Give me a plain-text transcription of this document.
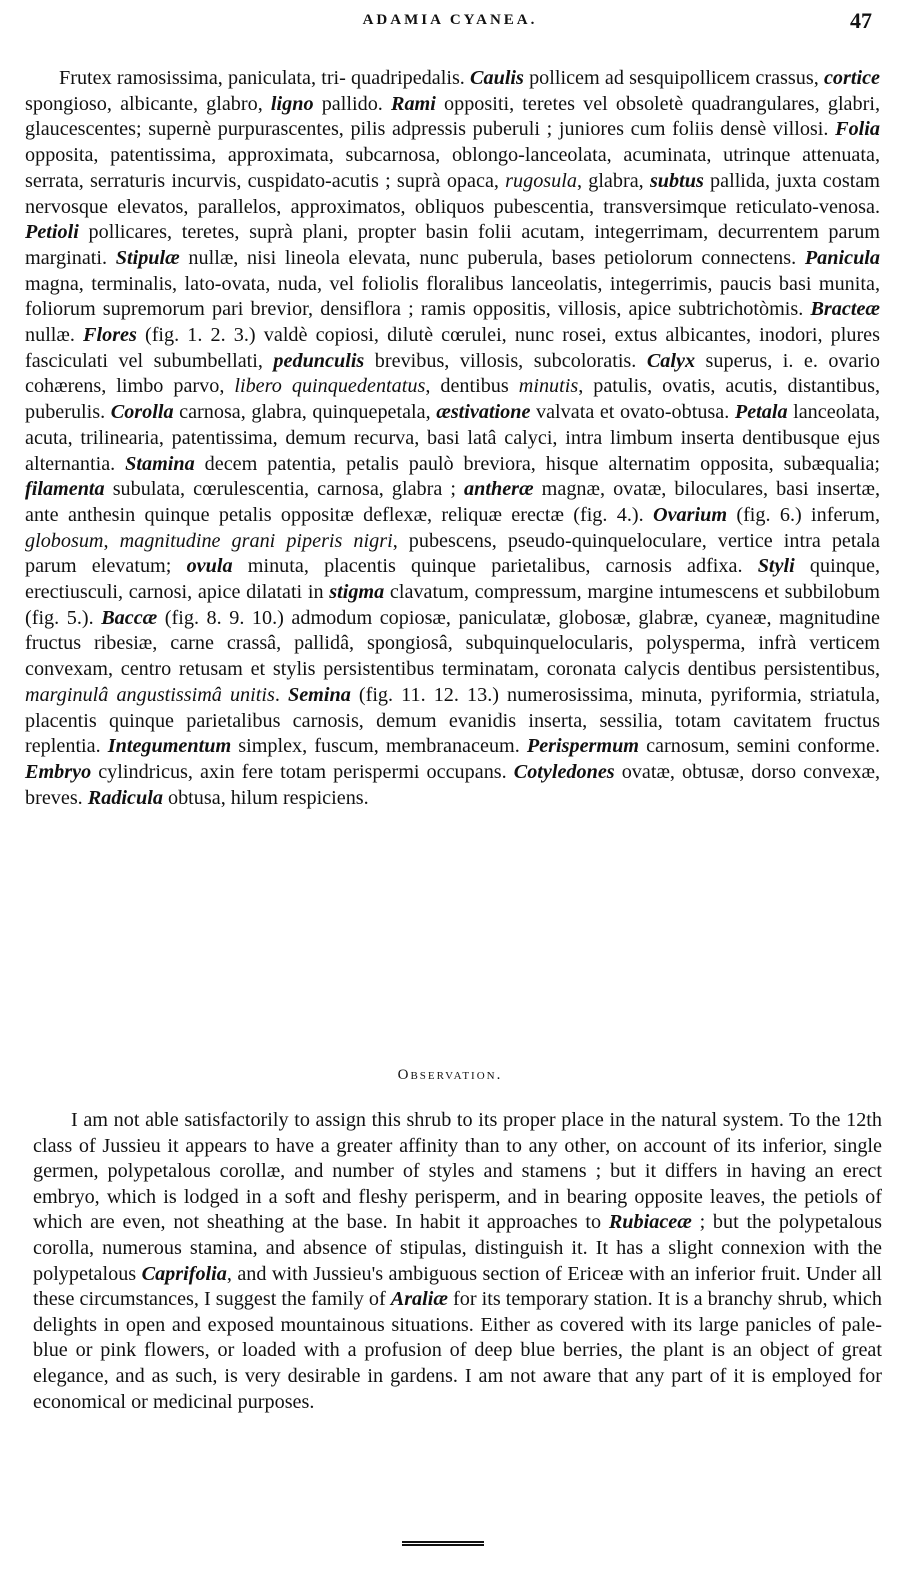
ADAMIA CYANEA.	47

Frutex ramosissima, paniculata, tri- quadripedalis. Caulis pollicem ad sesquipollicem crassus, cortice spongioso, albicante, glabro, ligno pallido. Rami oppositi, teretes vel obsoletè quadrangulares, glabri, glaucescentes; supernè purpurascentes, pilis adpressis puberuli ; juniores cum foliis densè villosi. Folia opposita, patentissima, approximata, subcarnosa, oblongo-lanceolata, acuminata, utrinque attenuata, serrata, serraturis incurvis, cuspidato-acutis ; suprà opaca, rugosula, glabra, subtus pallida, juxta costam nervosque elevatos, parallelos, approximatos, obliquos pubescentia, transversimque reticulato-venosa. Petioli pollicares, teretes, suprà plani, propter basin folii acutam, integerrimam, decurrentem parum marginati. Stipulæ nullæ, nisi lineola elevata, nunc puberula, bases petiolorum connectens. Panicula magna, terminalis, lato-ovata, nuda, vel foliolis floralibus lanceolatis, integerrimis, paucis basi munita, foliorum supremorum pari brevior, densiflora ; ramis oppositis, villosis, apice subtrichotòmis. Bracteæ nullæ. Flores (fig. 1. 2. 3.) valdè copiosi, dilutè cœrulei, nunc rosei, extus albicantes, inodori, plures fasciculati vel subumbellati, pedunculis brevibus, villosis, subcoloratis. Calyx superus, i. e. ovario cohærens, limbo parvo, libero quinquedentatus, dentibus minutis, patulis, ovatis, acutis, distantibus, puberulis. Corolla carnosa, glabra, quinquepetala, æstivatione valvata et ovato-obtusa. Petala lanceolata, acuta, trilinearia, patentissima, demum recurva, basi latâ calyci, intra limbum inserta dentibusque ejus alternantia. Stamina decem patentia, petalis paulò breviora, hisque alternatim opposita, subæqualia; filamenta subulata, cœrulescentia, carnosa, glabra ; antheræ magnæ, ovatæ, biloculares, basi insertæ, ante anthesin quinque petalis oppositæ deflexæ, reliquæ erectæ (fig. 4.). Ovarium (fig. 6.) inferum, globosum, magnitudine grani piperis nigri, pubescens, pseudo-quinqueloculare, vertice intra petala parum elevatum; ovula minuta, placentis quinque parietalibus, carnosis adfixa. Styli quinque, erectiusculi, carnosi, apice dilatati in stigma clavatum, compressum, margine intumescens et subbilobum (fig. 5.). Baccæ (fig. 8. 9. 10.) admodum copiosæ, paniculatæ, globosæ, glabræ, cyaneæ, magnitudine fructus ribesiæ, carne crassâ, pallidâ, spongiosâ, subquinquelocularis, polysperma, infrà verticem convexam, centro retusam et stylis persistentibus terminatam, coronata calycis dentibus persistentibus, marginulâ angustissimâ unitis. Semina (fig. 11. 12. 13.) numerosissima, minuta, pyriformia, striatula, placentis quinque parietalibus carnosis, demum evanidis inserta, sessilia, totam cavitatem fructus replentia. Integumentum simplex, fuscum, membranaceum. Perispermum carnosum, semini conforme. Embryo cylindricus, axin fere totam perispermi occupans. Cotyledones ovatæ, obtusæ, dorso convexæ, breves. Radicula obtusa, hilum respiciens.

Observation.

I am not able satisfactorily to assign this shrub to its proper place in the natural system. To the 12th class of Jussieu it appears to have a greater affinity than to any other, on account of its inferior, single germen, polypetalous corollæ, and number of styles and stamens ; but it differs in having an erect embryo, which is lodged in a soft and fleshy perisperm, and in bearing opposite leaves, the petiols of which are even, not sheathing at the base. In habit it approaches to Rubiaceæ ; but the polypetalous corolla, numerous stamina, and absence of stipulas, distinguish it. It has a slight connexion with the polypetalous Caprifolia, and with Jussieu's ambiguous section of Ericeæ with an inferior fruit. Under all these circumstances, I suggest the family of Araliæ for its temporary station. It is a branchy shrub, which delights in open and exposed mountainous situations. Either as covered with its large panicles of pale-blue or pink flowers, or loaded with a profusion of deep blue berries, the plant is an object of great elegance, and as such, is very desirable in gardens. I am not aware that any part of it is employed for economical or medicinal purposes.
